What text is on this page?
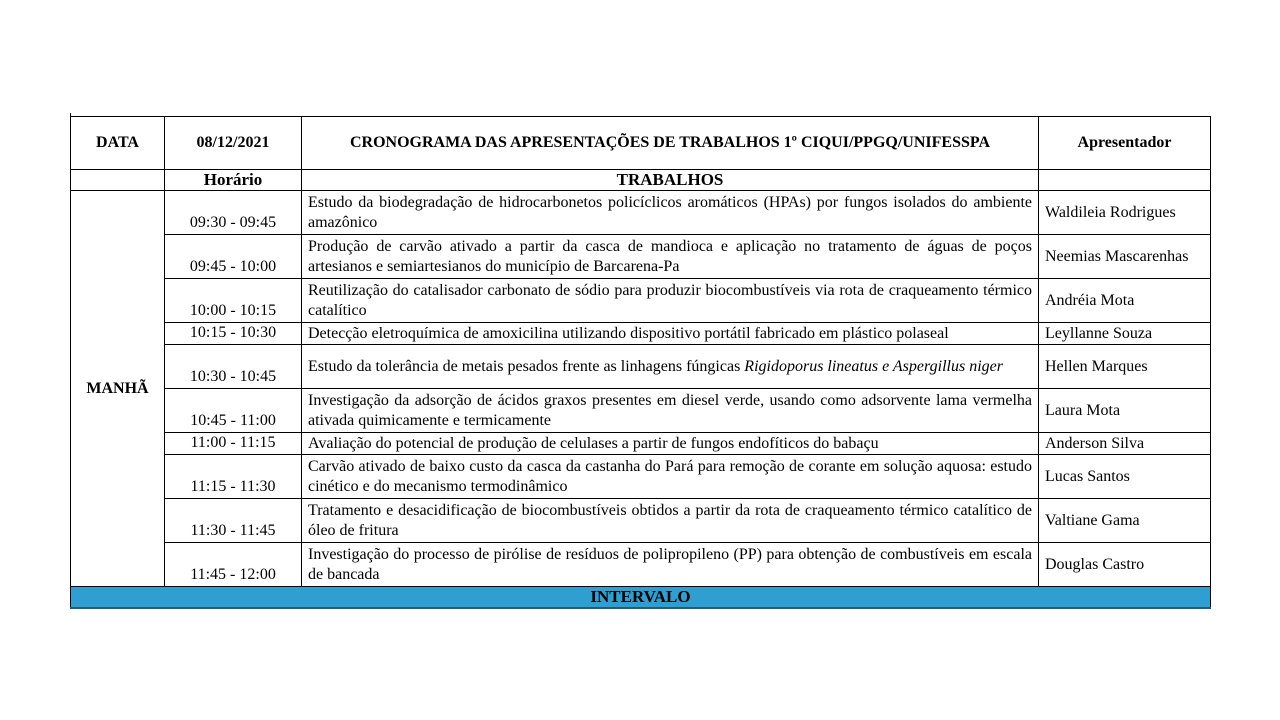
DATA	08/12/2021	CRONOGRAMA DAS APRESENTAÇÕES DE TRABALHOS 1º CIQUI/PPGQ/UNIFESSPA	Apresentador
	Horário	TRABALHOS	
MANHÃ	09:30 - 09:45	Estudo da biodegradação de hidrocarbonetos policíclicos aromáticos (HPAs) por fungos isolados do ambiente amazônico	Waldileia Rodrigues
	09:45 - 10:00	Produção de carvão ativado a partir da casca de mandioca e aplicação no tratamento de águas de poços artesianos e semiartesianos do município de Barcarena-Pa	Neemias Mascarenhas
	10:00 - 10:15	Reutilização do catalisador carbonato de sódio para produzir biocombustíveis via rota de craqueamento térmico catalítico	Andréia Mota
	10:15 - 10:30	Detecção eletroquímica de amoxicilina utilizando dispositivo portátil fabricado em plástico polaseal	Leyllanne Souza
	10:30 - 10:45	Estudo da tolerância de metais pesados frente as linhagens fúngicas Rigidoporus lineatus e Aspergillus niger	Hellen Marques
	10:45 - 11:00	Investigação da adsorção de ácidos graxos presentes em diesel verde, usando como adsorvente lama vermelha ativada quimicamente e termicamente	Laura Mota
	11:00 - 11:15	Avaliação do potencial de produção de celulases a partir de fungos endofíticos do babaçu	Anderson Silva
	11:15 - 11:30	Carvão ativado de baixo custo da casca da castanha do Pará para remoção de corante em solução aquosa: estudo cinético e do mecanismo termodinâmico	Lucas Santos
	11:30 - 11:45	Tratamento e desacidificação de biocombustíveis obtidos a partir da rota de craqueamento térmico catalítico de óleo de fritura	Valtiane Gama
	11:45 - 12:00	Investigação do processo de pirólise de resíduos de polipropileno (PP) para obtenção de combustíveis em escala de bancada	Douglas Castro
INTERVALO			
